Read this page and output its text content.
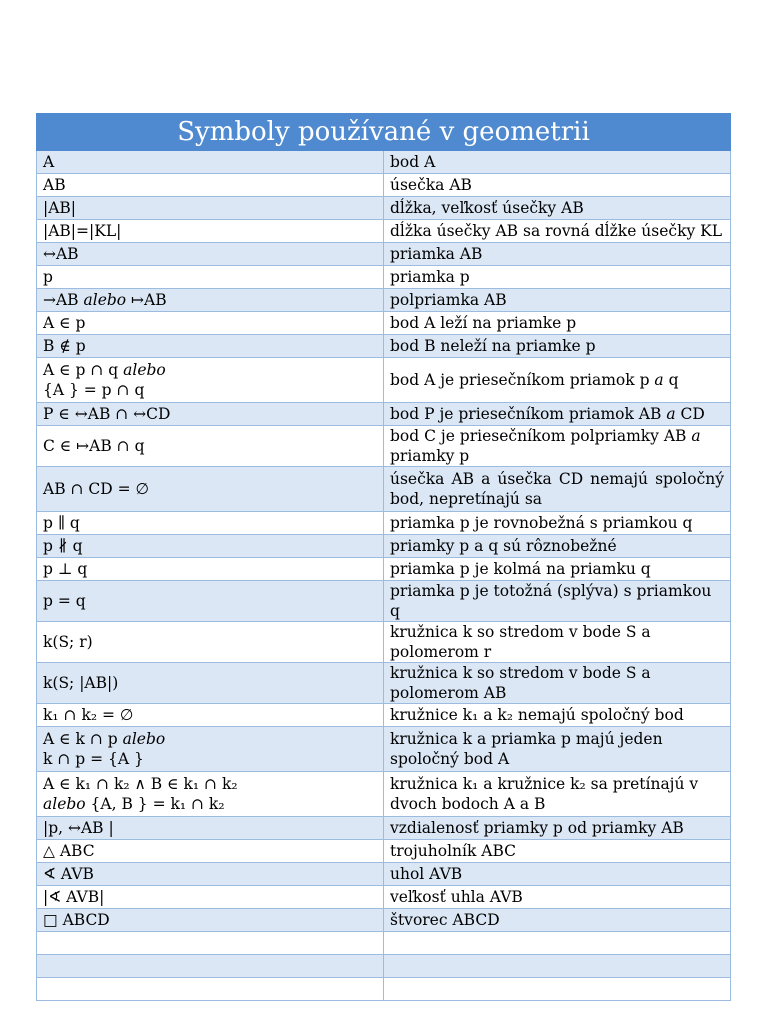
Symboly používané v geometrii	
A	bod A
AB	úsečka AB
|AB|	dĺžka, veľkosť úsečky AB
|AB|=|KL|	dĺžka úsečky AB sa rovná dĺžke úsečky KL
↔AB	priamka AB
p	priamka p
→AB alebo ↦AB	polpriamka AB
A ∈ p	bod A leží na priamke p
B ∉ p	bod B neleží na priamke p
A ∈ p ∩ q alebo
{A } = p ∩ q	bod A je priesečníkom priamok p a q
P ∈ ↔AB ∩ ↔CD	bod P je priesečníkom priamok AB a CD
C ∈ ↦AB ∩ q	bod C je priesečníkom polpriamky AB a priamky p
AB ∩ CD = ∅	úsečka AB a úsečka CD nemajú spoločný bod, nepretínajú sa
p ∥ q	priamka p je rovnobežná s priamkou q
p ∦ q	priamky p a q sú rôznobežné
p ⊥ q	priamka p je kolmá na priamku q
p = q	priamka p je totožná (splýva) s priamkou q
k(S; r)	kružnica k so stredom v bode S a polomerom r
k(S; |AB|)	kružnica k so stredom v bode S a polomerom AB
k₁ ∩ k₂ = ∅	kružnice k₁ a k₂ nemajú spoločný bod
A ∈ k ∩ p alebo
k ∩ p = {A }	kružnica k a priamka p majú jeden spoločný bod A
A ∈ k₁ ∩ k₂ ∧ B ∈ k₁ ∩ k₂
alebo {A, B } = k₁ ∩ k₂	kružnica k₁ a kružnice k₂ sa pretínajú v dvoch bodoch A a B
|p, ↔AB |	vzdialenosť priamky p od priamky AB
△ ABC	trojuholník ABC
∢ AVB	uhol AVB
|∢ AVB|	veľkosť uhla AVB
□ ABCD	štvorec ABCD
